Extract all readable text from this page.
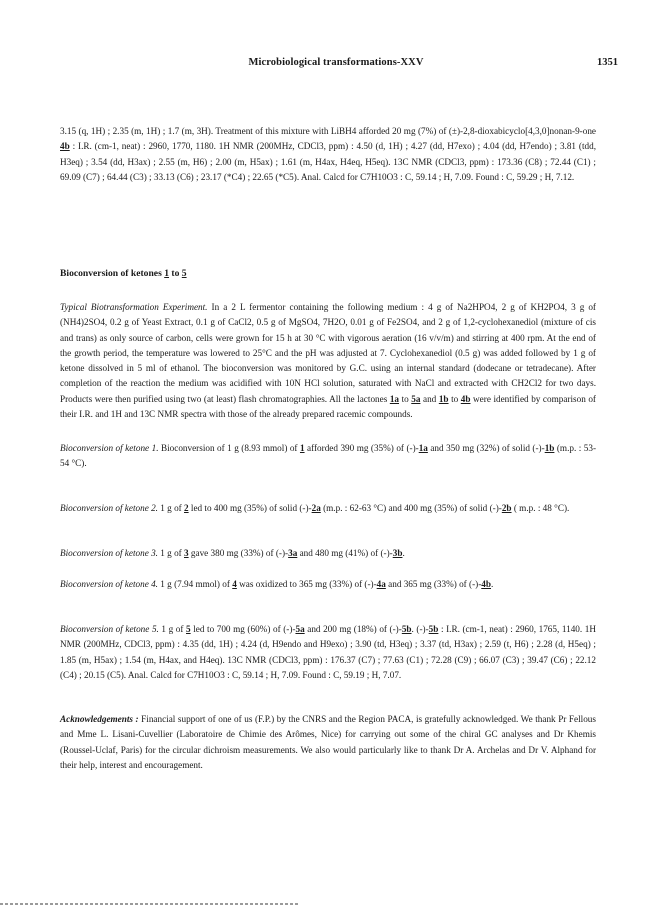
Microbiological transformations-XXV	1351

3.15 (q, 1H) ; 2.35 (m, 1H) ; 1.7 (m, 3H). Treatment of this mixture with LiBH4 afforded 20 mg (7%) of (±)-2,8-dioxabicyclo[4,3,0]nonan-9-one 4b : I.R. (cm-1, neat) : 2960, 1770, 1180. 1H NMR (200MHz, CDCl3, ppm) : 4.50 (d, 1H) ; 4.27 (dd, H7exo) ; 4.04 (dd, H7endo) ; 3.81 (tdd, H3eq) ; 3.54 (dd, H3ax) ; 2.55 (m, H6) ; 2.00 (m, H5ax) ; 1.61 (m, H4ax, H4eq, H5eq). 13C NMR (CDCl3, ppm) : 173.36 (C8) ; 72.44 (C1) ; 69.09 (C7) ; 64.44 (C3) ; 33.13 (C6) ; 23.17 (*C4) ; 22.65 (*C5). Anal. Calcd for C7H10O3 : C, 59.14 ; H, 7.09. Found : C, 59.29 ; H, 7.12.

Bioconversion of ketones 1 to 5

Typical Biotransformation Experiment. In a 2 L fermentor containing the following medium : 4 g of Na2HPO4, 2 g of KH2PO4, 3 g of (NH4)2SO4, 0.2 g of Yeast Extract, 0.1 g of CaCl2, 0.5 g of MgSO4, 7H2O, 0.01 g of Fe2SO4, and 2 g of 1,2-cyclohexanediol (mixture of cis and trans) as only source of carbon, cells were grown for 15 h at 30 °C with vigorous aeration (16 v/v/m) and stirring at 400 rpm. At the end of the growth period, the temperature was lowered to 25°C and the pH was adjusted at 7. Cyclohexanediol (0.5 g) was added followed by 1 g of ketone dissolved in 5 ml of ethanol. The bioconversion was monitored by G.C. using an internal standard (dodecane or tetradecane). After completion of the reaction the medium was acidified with 10N HCl solution, saturated with NaCl and extracted with CH2Cl2 for two days. Products were then purified using two (at least) flash chromatographies. All the lactones 1a to 5a and 1b to 4b were identified by comparison of their I.R. and 1H and 13C NMR spectra with those of the already prepared racemic compounds.

Bioconversion of ketone 1. Bioconversion of 1 g (8.93 mmol) of 1 afforded 390 mg (35%) of (-)-1a and 350 mg (32%) of solid (-)-1b (m.p. : 53-54 °C).

Bioconversion of ketone 2. 1 g of 2 led to 400 mg (35%) of solid (-)-2a (m.p. : 62-63 °C) and 400 mg (35%) of solid (-)-2b ( m.p. : 48 °C).

Bioconversion of ketone 3. 1 g of 3 gave 380 mg (33%) of (-)-3a and 480 mg (41%) of (-)-3b.

Bioconversion of ketone 4. 1 g (7.94 mmol) of 4 was oxidized to 365 mg (33%) of (-)-4a and 365 mg (33%) of (-)-4b.

Bioconversion of ketone 5. 1 g of 5 led to 700 mg (60%) of (-)-5a and 200 mg (18%) of (-)-5b. (-)-5b : I.R. (cm-1, neat) : 2960, 1765, 1140. 1H NMR (200MHz, CDCl3, ppm) : 4.35 (dd, 1H) ; 4.24 (d, H9endo and H9exo) ; 3.90 (td, H3eq) ; 3.37 (td, H3ax) ; 2.59 (t, H6) ; 2.28 (d, H5eq) ; 1.85 (m, H5ax) ; 1.54 (m, H4ax, and H4eq). 13C NMR (CDCl3, ppm) : 176.37 (C7) ; 77.63 (C1) ; 72.28 (C9) ; 66.07 (C3) ; 39.47 (C6) ; 22.12 (C4) ; 20.15 (C5). Anal. Calcd for C7H10O3 : C, 59.14 ; H, 7.09. Found : C, 59.19 ; H, 7.07.

Acknowledgements : Financial support of one of us (F.P.) by the CNRS and the Region PACA, is gratefully acknowledged. We thank Pr Fellous and Mme L. Lisani-Cuvellier (Laboratoire de Chimie des Arômes, Nice) for carrying out some of the chiral GC analyses and Dr Khemis (Roussel-Uclaf, Paris) for the circular dichroism measurements. We also would particularly like to thank Dr A. Archelas and Dr V. Alphand for their help, interest and encouragement.
